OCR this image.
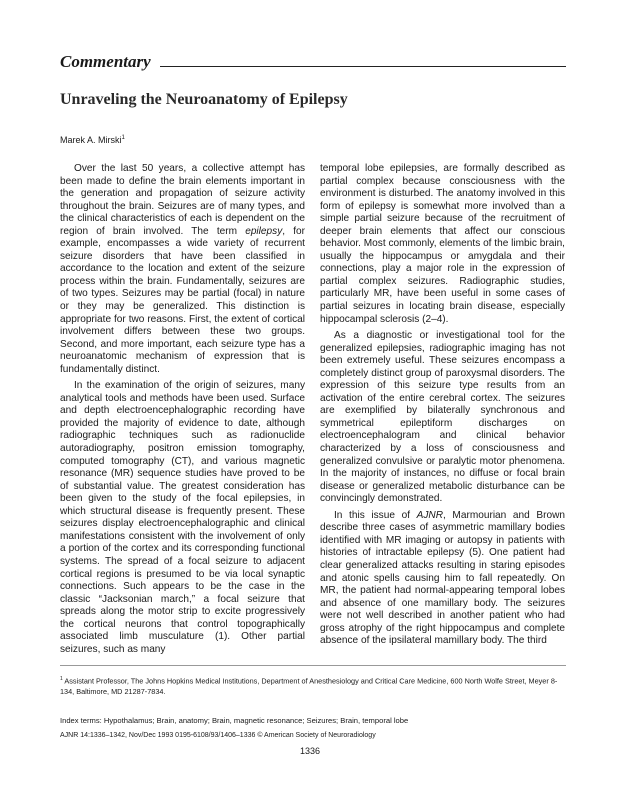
Commentary
Unraveling the Neuroanatomy of Epilepsy
Marek A. Mirski$^1$

Over the last 50 years, a collective attempt has been made to define the brain elements important in the generation and propagation of seizure activity throughout the brain. Seizures are of many types, and the clinical characteristics of each is dependent on the region of brain involved. The term epilepsy, for example, encompasses a wide variety of recurrent seizure disorders that have been classified in accordance to the location and extent of the seizure process within the brain. Fundamentally, seizures are of two types. Seizures may be partial (focal) in nature or they may be generalized. This distinction is appropriate for two reasons. First, the extent of cortical involvement differs between these two groups. Second, and more important, each seizure type has a neuroanatomic mechanism of expression that is fundamentally distinct.

In the examination of the origin of seizures, many analytical tools and methods have been used. Surface and depth electroencephalographic recording have provided the majority of evidence to date, although radiographic techniques such as radionuclide autoradiography, positron emission tomography, computed tomography (CT), and various magnetic resonance (MR) sequence studies have proved to be of substantial value. The greatest consideration has been given to the study of the focal epilepsies, in which structural disease is frequently present. These seizures display electroencephalographic and clinical manifestations consistent with the involvement of only a portion of the cortex and its corresponding functional systems. The spread of a focal seizure to adjacent cortical regions is presumed to be via local synaptic connections. Such appears to be the case in the classic “Jacksonian march,” a focal seizure that spreads along the motor strip to excite progressively the cortical neurons that control topographically associated limb musculature (1). Other partial seizures, such as many

temporal lobe epilepsies, are formally described as partial complex because consciousness with the environment is disturbed. The anatomy involved in this form of epilepsy is somewhat more involved than a simple partial seizure because of the recruitment of deeper brain elements that affect our conscious behavior. Most commonly, elements of the limbic brain, usually the hippocampus or amygdala and their connections, play a major role in the expression of partial complex seizures. Radiographic studies, particularly MR, have been useful in some cases of partial seizures in locating brain disease, especially hippocampal sclerosis (2–4).

As a diagnostic or investigational tool for the generalized epilepsies, radiographic imaging has not been extremely useful. These seizures encompass a completely distinct group of paroxysmal disorders. The expression of this seizure type results from an activation of the entire cerebral cortex. The seizures are exemplified by bilaterally synchronous and symmetrical epileptiform discharges on electroencephalogram and clinical behavior characterized by a loss of consciousness and generalized convulsive or paralytic motor phenomena. In the majority of instances, no diffuse or focal brain disease or generalized metabolic disturbance can be convincingly demonstrated.

In this issue of AJNR, Marmourian and Brown describe three cases of asymmetric mamillary bodies identified with MR imaging or autopsy in patients with histories of intractable epilepsy (5). One patient had clear generalized attacks resulting in staring episodes and atonic spells causing him to fall repeatedly. On MR, the patient had normal-appearing temporal lobes and absence of one mamillary body. The seizures were not well described in another patient who had gross atrophy of the right hippocampus and complete absence of the ipsilateral mamillary body. The third

$^1$ Assistant Professor, The Johns Hopkins Medical Institutions, Department of Anesthesiology and Critical Care Medicine, 600 North Wolfe Street, Meyer 8-134, Baltimore, MD 21287-7834.
Index terms: Hypothalamus; Brain, anatomy; Brain, magnetic resonance; Seizures; Brain, temporal lobe
AJNR 14:1336–1342, Nov/Dec 1993 0195-6108/93/1406–1336 © American Society of Neuroradiology
1336
